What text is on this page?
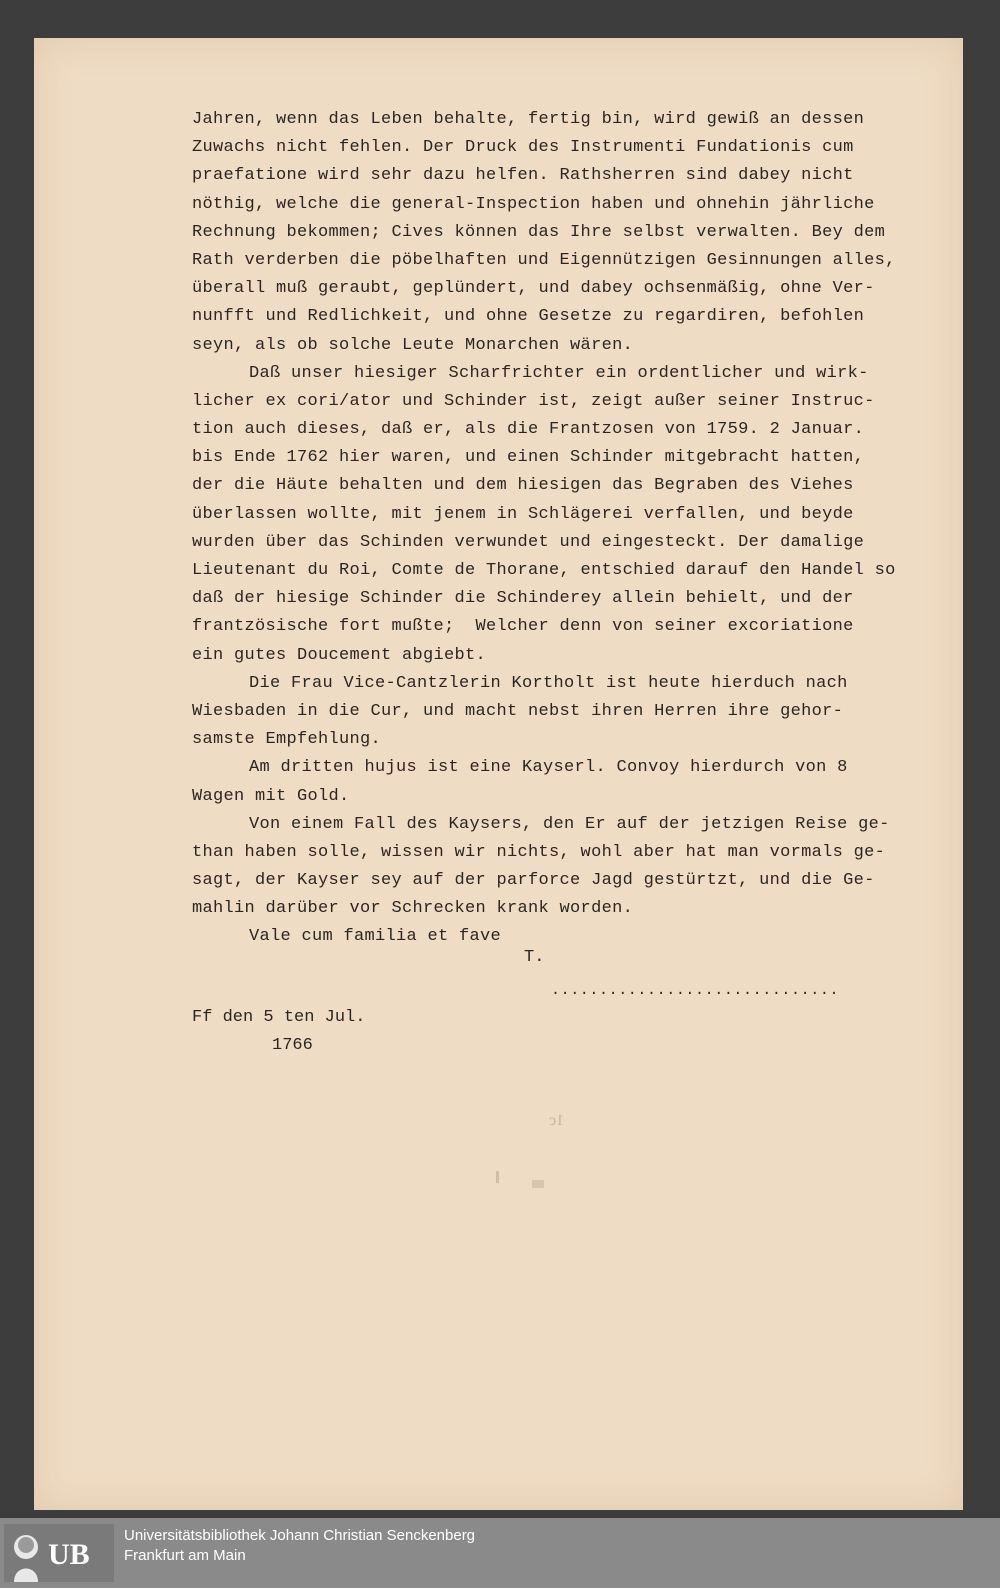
Jahren, wenn das Leben behalte, fertig bin, wird gewiß an dessen
Zuwachs nicht fehlen. Der Druck des Instrumenti Fundationis cum
praefatione wird sehr dazu helfen. Rathsherren sind dabey nicht
nöthig, welche die general-Inspection haben und ohnehin jährliche
Rechnung bekommen; Cives können das Ihre selbst verwalten. Bey dem
Rath verderben die pöbelhaften und Eigennützigen Gesinnungen alles,
überall muß geraubt, geplündert, und dabey ochsenmäßig, ohne Ver-
nunfft und Redlichkeit, und ohne Gesetze zu regardiren, befohlen
seyn, als ob solche Leute Monarchen wären.
Daß unser hiesiger Scharfrichter ein ordentlicher und wirk-
licher ex cori/ator und Schinder ist, zeigt außer seiner Instruc-
tion auch dieses, daß er, als die Frantzosen von 1759. 2 Januar.
bis Ende 1762 hier waren, und einen Schinder mitgebracht hatten,
der die Häute behalten und dem hiesigen das Begraben des Viehes
überlassen wollte, mit jenem in Schlägerei verfallen, und beyde
wurden über das Schinden verwundet und eingesteckt. Der damalige
Lieutenant du Roi, Comte de Thorane, entschied darauf den Handel so
daß der hiesige Schinder die Schinderey allein behielt, und der
frantzösische fort mußte;  Welcher denn von seiner excoriatione
ein gutes Doucement abgiebt.
Die Frau Vice-Cantzlerin Kortholt ist heute hierduch nach
Wiesbaden in die Cur, und macht nebst ihren Herren ihre gehor-
samste Empfehlung.
Am dritten hujus ist eine Kayserl. Convoy hierdurch von 8
Wagen mit Gold.
Von einem Fall des Kaysers, den Er auf der jetzigen Reise ge-
than haben solle, wissen wir nichts, wohl aber hat man vormals ge-
sagt, der Kayser sey auf der parforce Jagd gestürtzt, und die Ge-
mahlin darüber vor Schrecken krank worden.
Vale cum familia et fave
T.
..............................
Ff den 5 ten Jul.
1766
1c
UB
Universitätsbibliothek Johann Christian Senckenberg
Frankfurt am Main
